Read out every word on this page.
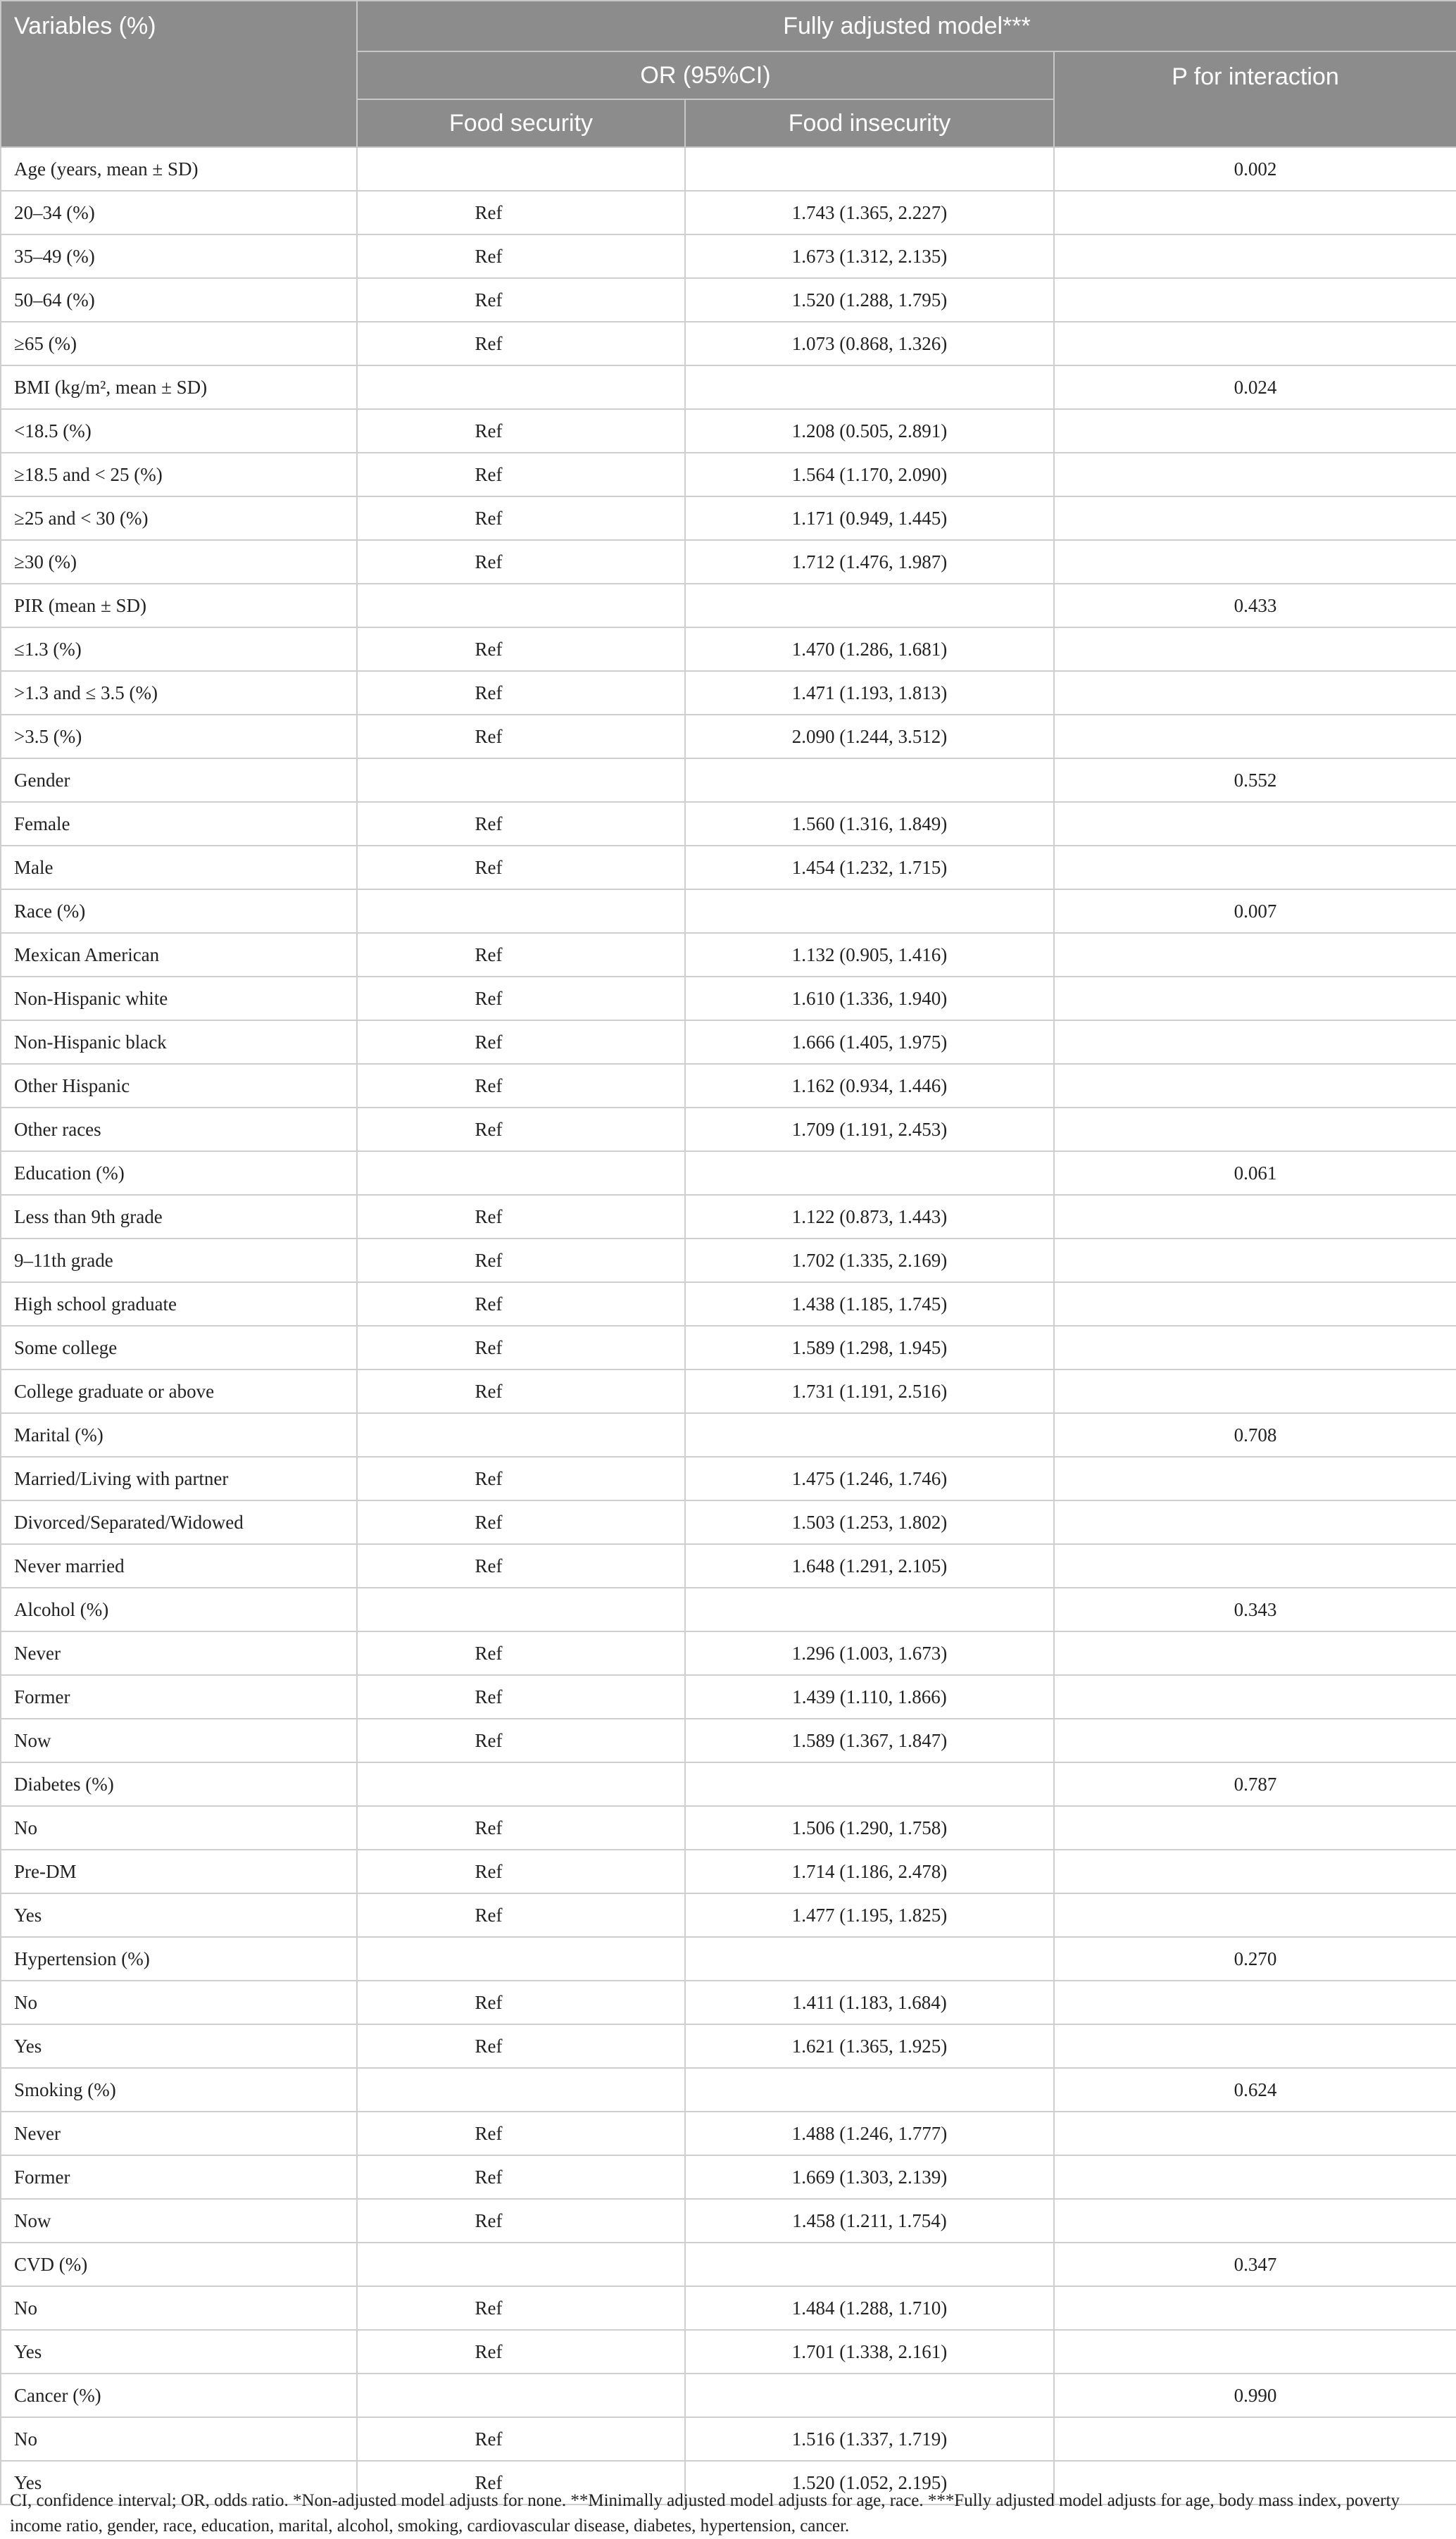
Variables (%)	Fully adjusted model***		
	OR (95%CI)		P for interaction
	Food security	Food insecurity	
Age (years, mean ± SD)			0.002
20–34 (%)	Ref	1.743 (1.365, 2.227)	
35–49 (%)	Ref	1.673 (1.312, 2.135)	
50–64 (%)	Ref	1.520 (1.288, 1.795)	
≥65 (%)	Ref	1.073 (0.868, 1.326)	
BMI (kg/m², mean ± SD)			0.024
<18.5 (%)	Ref	1.208 (0.505, 2.891)	
≥18.5 and < 25 (%)	Ref	1.564 (1.170, 2.090)	
≥25 and < 30 (%)	Ref	1.171 (0.949, 1.445)	
≥30 (%)	Ref	1.712 (1.476, 1.987)	
PIR (mean ± SD)			0.433
≤1.3 (%)	Ref	1.470 (1.286, 1.681)	
>1.3 and ≤ 3.5 (%)	Ref	1.471 (1.193, 1.813)	
>3.5 (%)	Ref	2.090 (1.244, 3.512)	
Gender			0.552
Female	Ref	1.560 (1.316, 1.849)	
Male	Ref	1.454 (1.232, 1.715)	
Race (%)			0.007
Mexican American	Ref	1.132 (0.905, 1.416)	
Non-Hispanic white	Ref	1.610 (1.336, 1.940)	
Non-Hispanic black	Ref	1.666 (1.405, 1.975)	
Other Hispanic	Ref	1.162 (0.934, 1.446)	
Other races	Ref	1.709 (1.191, 2.453)	
Education (%)			0.061
Less than 9th grade	Ref	1.122 (0.873, 1.443)	
9–11th grade	Ref	1.702 (1.335, 2.169)	
High school graduate	Ref	1.438 (1.185, 1.745)	
Some college	Ref	1.589 (1.298, 1.945)	
College graduate or above	Ref	1.731 (1.191, 2.516)	
Marital (%)			0.708
Married/Living with partner	Ref	1.475 (1.246, 1.746)	
Divorced/Separated/Widowed	Ref	1.503 (1.253, 1.802)	
Never married	Ref	1.648 (1.291, 2.105)	
Alcohol (%)			0.343
Never	Ref	1.296 (1.003, 1.673)	
Former	Ref	1.439 (1.110, 1.866)	
Now	Ref	1.589 (1.367, 1.847)	
Diabetes (%)			0.787
No	Ref	1.506 (1.290, 1.758)	
Pre-DM	Ref	1.714 (1.186, 2.478)	
Yes	Ref	1.477 (1.195, 1.825)	
Hypertension (%)			0.270
No	Ref	1.411 (1.183, 1.684)	
Yes	Ref	1.621 (1.365, 1.925)	
Smoking (%)			0.624
Never	Ref	1.488 (1.246, 1.777)	
Former	Ref	1.669 (1.303, 2.139)	
Now	Ref	1.458 (1.211, 1.754)	
CVD (%)			0.347
No	Ref	1.484 (1.288, 1.710)	
Yes	Ref	1.701 (1.338, 2.161)	
Cancer (%)			0.990
No	Ref	1.516 (1.337, 1.719)	
Yes	Ref	1.520 (1.052, 2.195)	
CI, confidence interval; OR, odds ratio. *Non-adjusted model adjusts for none. **Minimally adjusted model adjusts for age, race. ***Fully adjusted model adjusts for age, body mass index, poverty income ratio, gender, race, education, marital, alcohol, smoking, cardiovascular disease, diabetes, hypertension, cancer.
